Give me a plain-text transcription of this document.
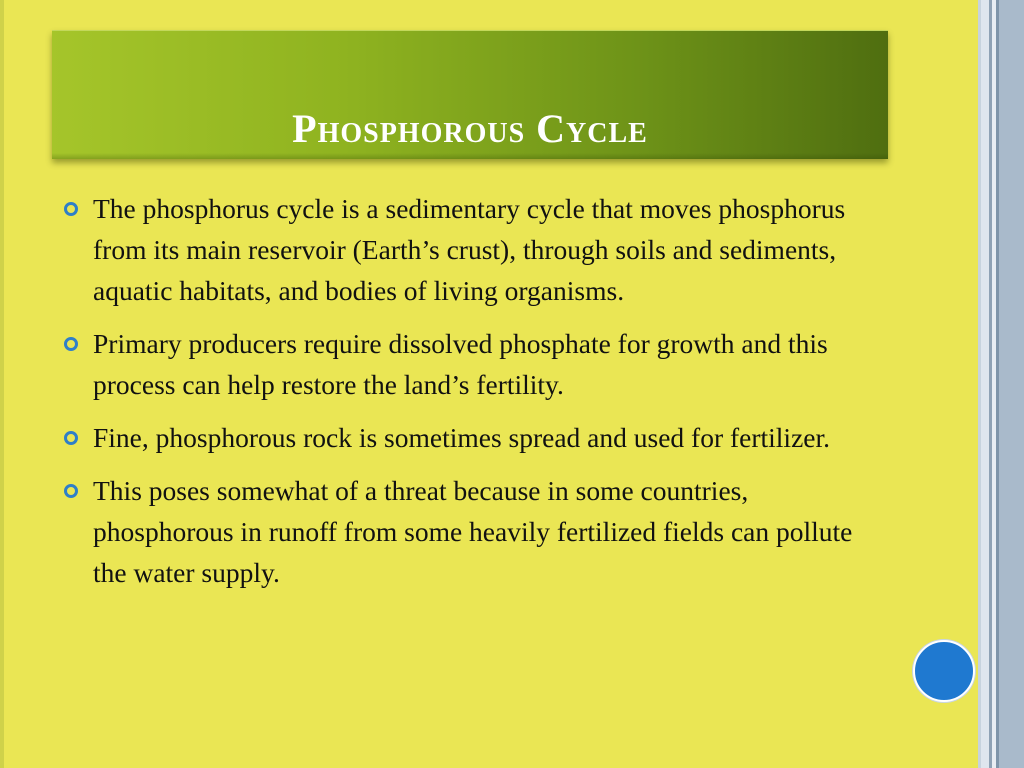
Phosphorous Cycle
The phosphorus cycle is a sedimentary cycle that moves phosphorus from its main reservoir (Earth’s crust), through soils and sediments, aquatic habitats, and bodies of living organisms.
Primary producers require dissolved phosphate for growth and this process can help restore the land’s fertility.
Fine, phosphorous rock is sometimes spread and used for fertilizer.
This poses somewhat of a threat because in some countries, phosphorous in runoff from some heavily fertilized fields can pollute the water supply.
